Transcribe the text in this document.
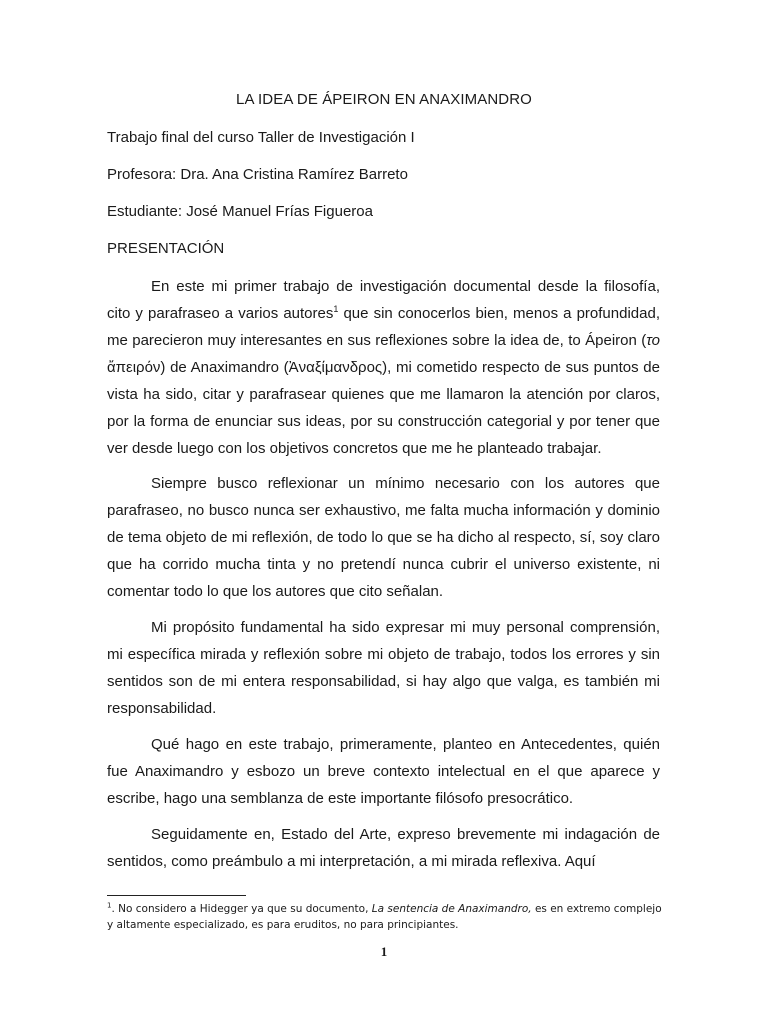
LA IDEA DE ÁPEIRON EN ANAXIMANDRO
Trabajo final del curso Taller de Investigación I
Profesora: Dra. Ana Cristina Ramírez Barreto
Estudiante: José Manuel Frías Figueroa
PRESENTACIÓN

En este mi primer trabajo de investigación documental desde la filosofía, cito y parafraseo a varios autores$^1$ que sin conocerlos bien, menos a profundidad, me parecieron muy interesantes en sus reflexiones sobre la idea de, to Ápeiron (το ἄπειρόν) de Anaximandro (Ἀναξίμανδρος), mi cometido respecto de sus puntos de vista ha sido, citar y parafrasear quienes que me llamaron la atención por claros, por la forma de enunciar sus ideas, por su construcción categorial y por tener que ver desde luego con los objetivos concretos que me he planteado trabajar.

Siempre busco reflexionar un mínimo necesario con los autores que parafraseo, no busco nunca ser exhaustivo, me falta mucha información y dominio de tema objeto de mi reflexión, de todo lo que se ha dicho al respecto, sí, soy claro que ha corrido mucha tinta y no pretendí nunca cubrir el universo existente, ni comentar todo lo que los autores que cito señalan.

Mi propósito fundamental ha sido expresar mi muy personal comprensión, mi específica mirada y reflexión sobre mi objeto de trabajo, todos los errores y sin sentidos son de mi entera responsabilidad, si hay algo que valga, es también mi responsabilidad.

Qué hago en este trabajo, primeramente, planteo en Antecedentes, quién fue Anaximandro y esbozo un breve contexto intelectual en el que aparece y escribe, hago una semblanza de este importante filósofo presocrático.

Seguidamente en, Estado del Arte, expreso brevemente mi indagación de sentidos, como preámbulo a mi interpretación, a mi mirada reflexiva. Aquí

$^1$. No considero a Hidegger ya que su documento, La sentencia de Anaximandro, es en extremo complejo y altamente especializado, es para eruditos, no para principiantes.
1
